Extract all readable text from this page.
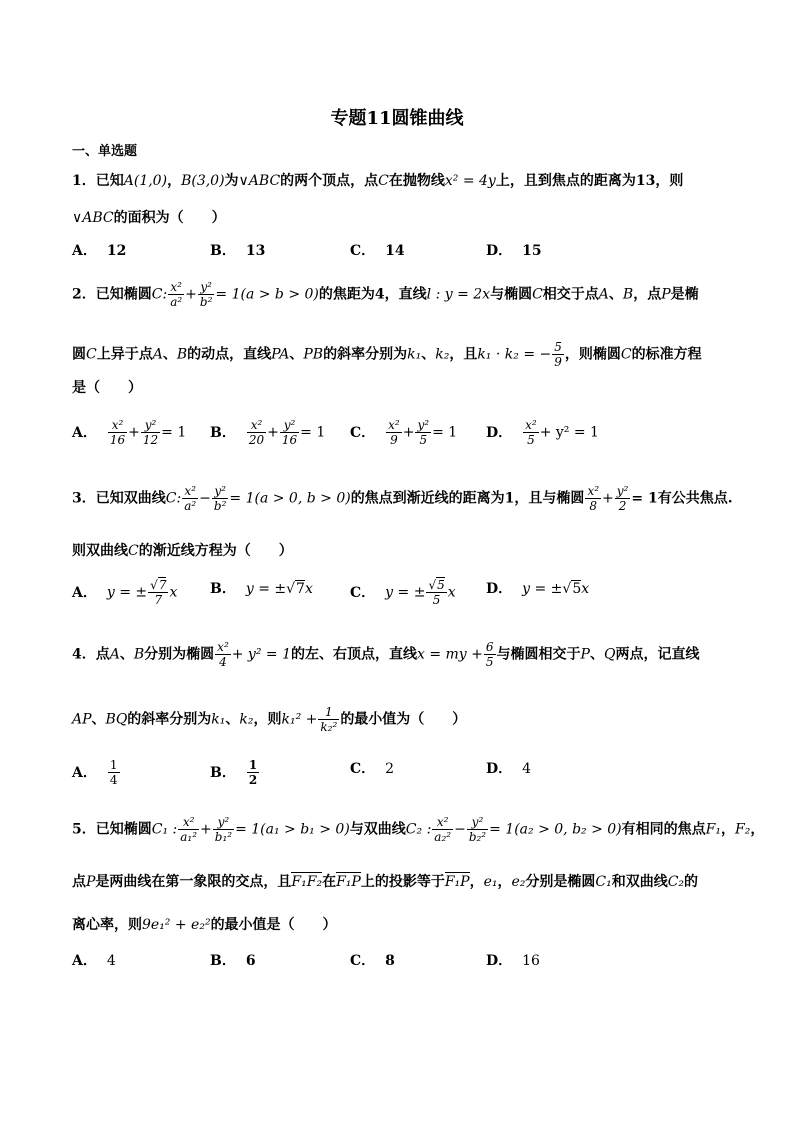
专题11圆锥曲线
一、单选题
1．已知A(1,0)，B(3,0)为∨ABC的两个顶点，点C在抛物线x² = 4y上，且到焦点的距离为13，则
∨ABC的面积为（　　）
A． 12	B． 13	C． 14	D． 15
2．已知椭圆C: $\frac{\text{x²}}{\text{a²}} + \frac{\text{y²}}{\text{b²}} = 1(a > b > 0)$的焦距为4，直线l : y = 2x与椭圆C相交于点A、B，点P是椭
圆C上异于点A、B的动点，直线PA、PB的斜率分别为k₁、k₂，且k₁ · k₂ = − $\frac{5}{9}$ ，则椭圆C的标准方程
是（　　）
A． $\frac{\text{x²}}{16} + \frac{\text{y²}}{12} = 1$ B． $\frac{\text{x²}}{20} + \frac{\text{y²}}{16} = 1$ C． $\frac{\text{x²}}{9} + \frac{\text{y²}}{5} = 1$ D． $\frac{\text{x²}}{5} + y^2 = 1$
3．已知双曲线C: $\frac{\text{x²}}{\text{a²}} - \frac{\text{y²}}{\text{b²}} = 1(a > 0$, b > 0)的焦点到渐近线的距离为1，且与椭圆 $\frac{\text{x²}}{8} + \frac{\text{y²}}{2} = 1$有公共焦点.
则双曲线C的渐近线方程为（　　）
A． y = ± $\frac{√7}{7}$ x B． y = ±√7x	C． y = ± $\frac{√5}{5}$ x D． y = ±√5x
4．点A、B分别为椭圆 $\frac{\text{x²}}{4} + y^2 = 1$的左、右顶点，直线x = my + $\frac{6}{5}$ 与椭圆相交于P、Q两点，记直线
AP、BQ的斜率分别为k₁、k₂，则$k_1^2 + \frac{1}{\text{k₂²}}$ 的最小值为（　　）
A． $\frac{1}{4}$	B． $\frac{1}{2}$	C． 2	D． 4
5．已知椭圆C₁ : $\frac{\text{x²}}{\text{a₁²}} + \frac{\text{y²}}{\text{b₁²}} = 1(a_1 > b_1 > 0)$与双曲线C₂ : $\frac{\text{x²}}{\text{a₂²}} - \frac{\text{y²}}{\text{b₂²}} = 1(a_2 > 0$, b₂ > 0)有相同的焦点F₁，F₂，
点P是两曲线在第一象限的交点，且F₁F₂在F₁P上的投影等于F₁P，e₁，e₂分别是椭圆C₁和双曲线C₂的
离心率，则9e₁² + e₂²的最小值是（　　）
A． 4	B． 6	C． 8	D． 16
